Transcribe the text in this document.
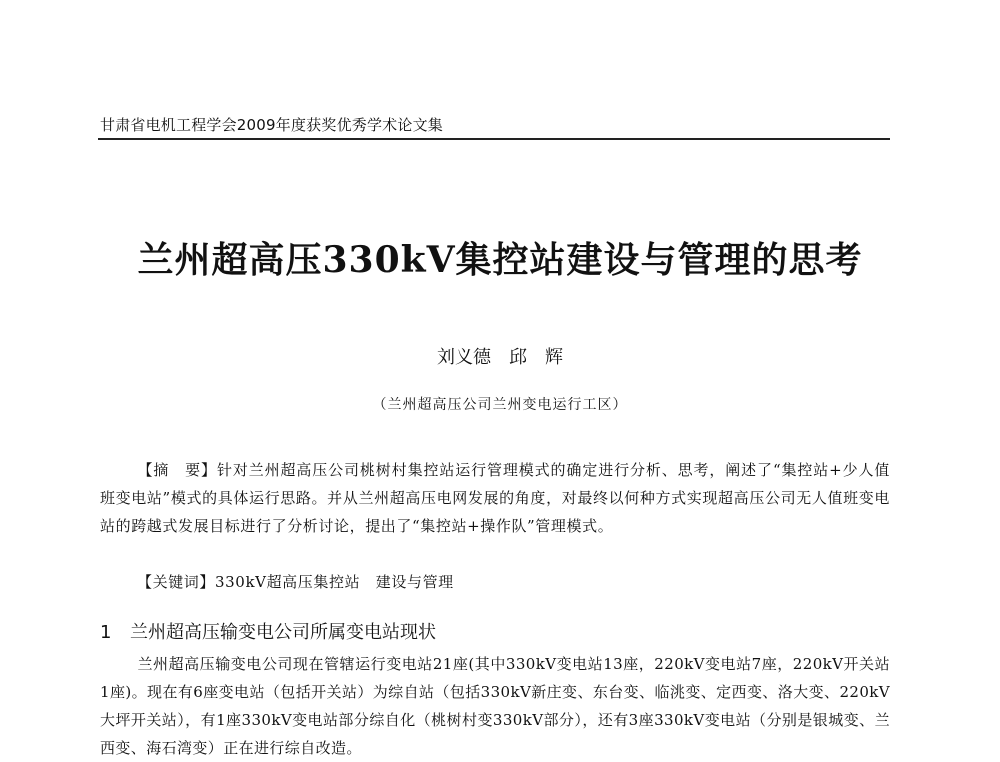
甘肃省电机工程学会2009年度获奖优秀学术论文集
兰州超高压330kV集控站建设与管理的思考
刘义德　邱　辉
（兰州超高压公司兰州变电运行工区）
【摘　要】针对兰州超高压公司桃树村集控站运行管理模式的确定进行分析、思考，阐述了“集控站+少人值班变电站”模式的具体运行思路。并从兰州超高压电网发展的角度，对最终以何种方式实现超高压公司无人值班变电站的跨越式发展目标进行了分析讨论，提出了“集控站+操作队”管理模式。
【关键词】330kV超高压集控站　建设与管理
1 兰州超高压输变电公司所属变电站现状
兰州超高压输变电公司现在管辖运行变电站21座(其中330kV变电站13座，220kV变电站7座，220kV开关站1座)。现在有6座变电站（包括开关站）为综自站（包括330kV新庄变、东台变、临洮变、定西变、洛大变、220kV大坪开关站），有1座330kV变电站部分综自化（桃树村变330kV部分），还有3座330kV变电站（分别是银城变、兰西变、海石湾变）正在进行综自改造。
